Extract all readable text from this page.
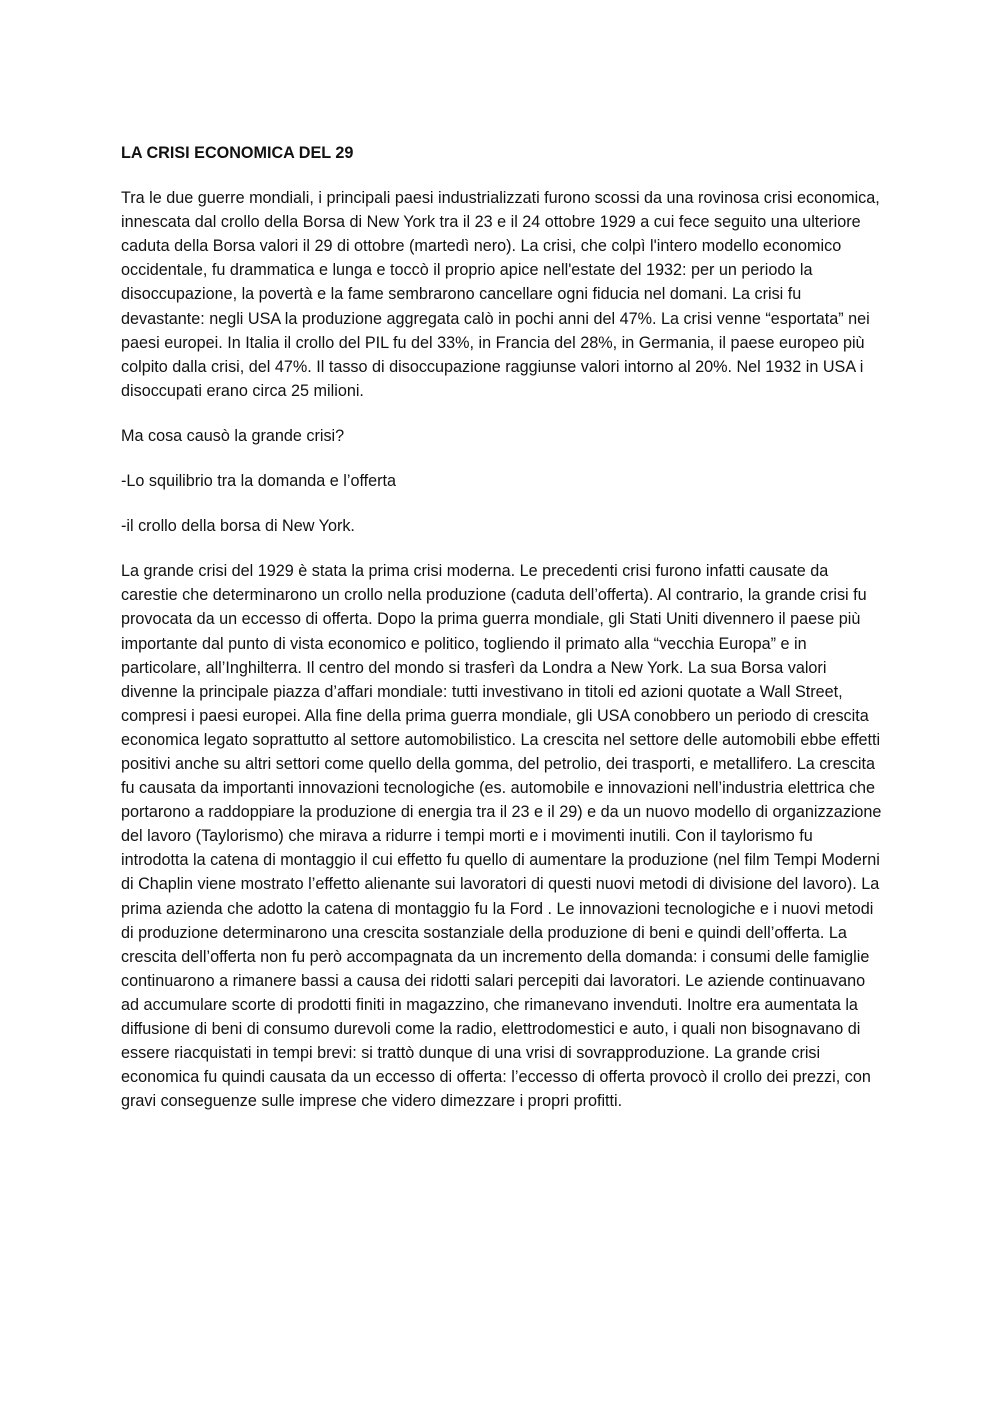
LA CRISI ECONOMICA DEL 29
Tra le due guerre mondiali, i principali paesi industrializzati furono scossi da una rovinosa crisi economica, innescata dal crollo della Borsa di New York tra il 23 e il 24 ottobre 1929 a cui fece seguito una ulteriore caduta della Borsa valori il 29 di ottobre (martedì nero). La crisi, che colpì l'intero modello economico occidentale, fu drammatica e lunga e toccò il proprio apice nell'estate del 1932: per un periodo la disoccupazione, la povertà e la fame sembrarono cancellare ogni fiducia nel domani. La crisi fu devastante: negli USA la produzione aggregata calò in pochi anni del 47%. La crisi venne “esportata” nei paesi europei. In Italia il crollo del PIL fu del 33%, in Francia del 28%, in Germania, il paese europeo più colpito dalla crisi, del 47%. Il tasso di disoccupazione raggiunse valori intorno al 20%. Nel 1932 in USA i disoccupati erano circa 25 milioni.
Ma cosa causò la grande crisi?
-Lo squilibrio tra la domanda e l’offerta
-il crollo della borsa di New York.
La grande crisi del 1929 è stata la prima crisi moderna. Le precedenti crisi furono infatti causate da carestie che determinarono un crollo nella produzione (caduta dell’offerta). Al contrario, la grande crisi fu provocata da un eccesso di offerta. Dopo la prima guerra mondiale, gli Stati Uniti divennero il paese più importante dal punto di vista economico e politico, togliendo il primato alla “vecchia Europa” e in particolare, all’Inghilterra. Il centro del mondo si trasferì da Londra a New York. La sua Borsa valori divenne la principale piazza d’affari mondiale: tutti investivano in titoli ed azioni quotate a Wall Street, compresi i paesi europei. Alla fine della prima guerra mondiale, gli USA conobbero un periodo di crescita economica legato soprattutto al settore automobilistico. La crescita nel settore delle automobili ebbe effetti positivi anche su altri settori come quello della gomma, del petrolio, dei trasporti, e metallifero. La crescita fu causata da importanti innovazioni tecnologiche (es. automobile e innovazioni nell’industria elettrica che portarono a raddoppiare la produzione di energia tra il 23 e il 29) e da un nuovo modello di organizzazione del lavoro (Taylorismo) che mirava a ridurre i tempi morti e i movimenti inutili. Con il taylorismo fu introdotta la catena di montaggio il cui effetto fu quello di aumentare la produzione (nel film Tempi Moderni di Chaplin viene mostrato l’effetto alienante sui lavoratori di questi nuovi metodi di divisione del lavoro). La prima azienda che adotto la catena di montaggio fu la Ford . Le innovazioni tecnologiche e i nuovi metodi di produzione determinarono una crescita sostanziale della produzione di beni e quindi dell’offerta. La crescita dell’offerta non fu però accompagnata da un incremento della domanda: i consumi delle famiglie continuarono a rimanere bassi a causa dei ridotti salari percepiti dai lavoratori. Le aziende continuavano ad accumulare scorte di prodotti finiti in magazzino, che rimanevano invenduti. Inoltre era aumentata la diffusione di beni di consumo durevoli come la radio, elettrodomestici e auto, i quali non bisognavano di essere riacquistati in tempi brevi: si trattò dunque di una vrisi di sovrapproduzione. La grande crisi economica fu quindi causata da un eccesso di offerta: l’eccesso di offerta provocò il crollo dei prezzi, con gravi conseguenze sulle imprese che videro dimezzare i propri profitti.
